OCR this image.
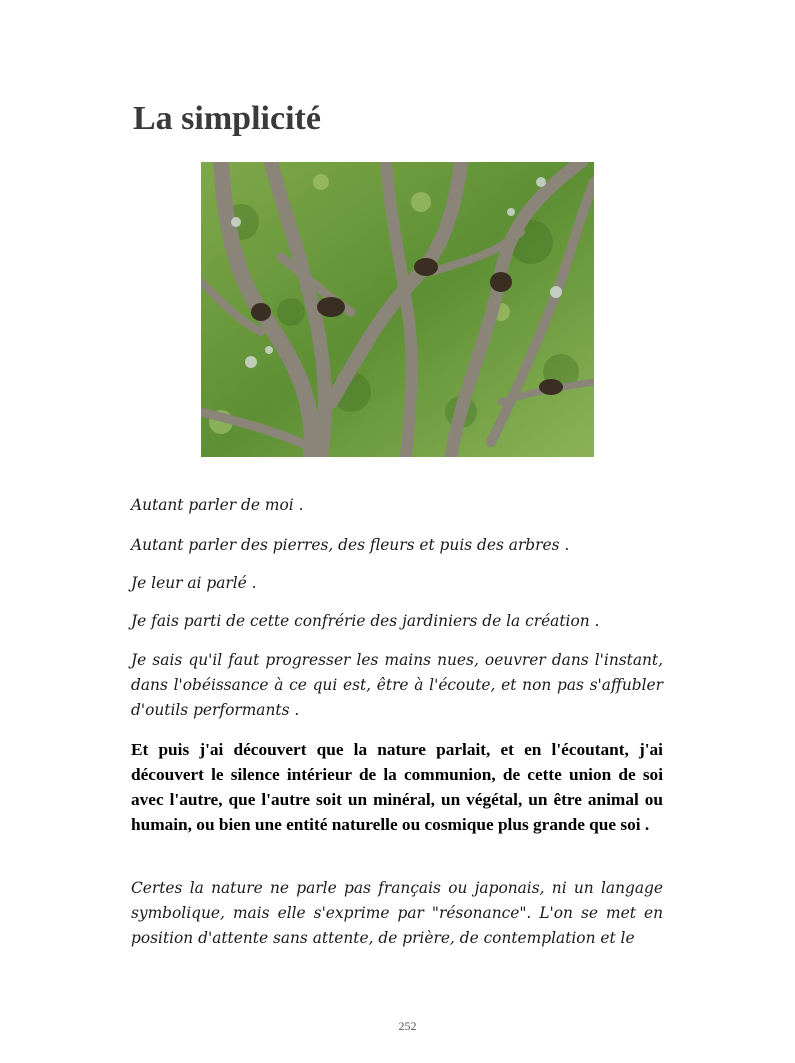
La simplicité

Autant parler de moi .

Autant parler des pierres, des fleurs et puis des arbres .

Je leur ai parlé .

Je fais parti de cette confrérie des jardiniers de la création .

Je sais qu'il faut progresser les mains nues, oeuvrer dans l'instant, dans l'obéissance à ce qui est, être à l'écoute, et non pas s'affubler d'outils performants .

Et puis j'ai découvert que la nature parlait, et en l'écoutant, j'ai découvert le silence intérieur de la communion, de cette union de soi avec l'autre, que l'autre soit un minéral, un végétal, un être animal ou humain, ou bien une entité naturelle ou cosmique plus grande que soi .

Certes la nature ne parle pas français ou japonais, ni un langage symbolique, mais elle s'exprime par "résonance". L'on se met en position d'attente sans attente, de prière, de contemplation et le

252
